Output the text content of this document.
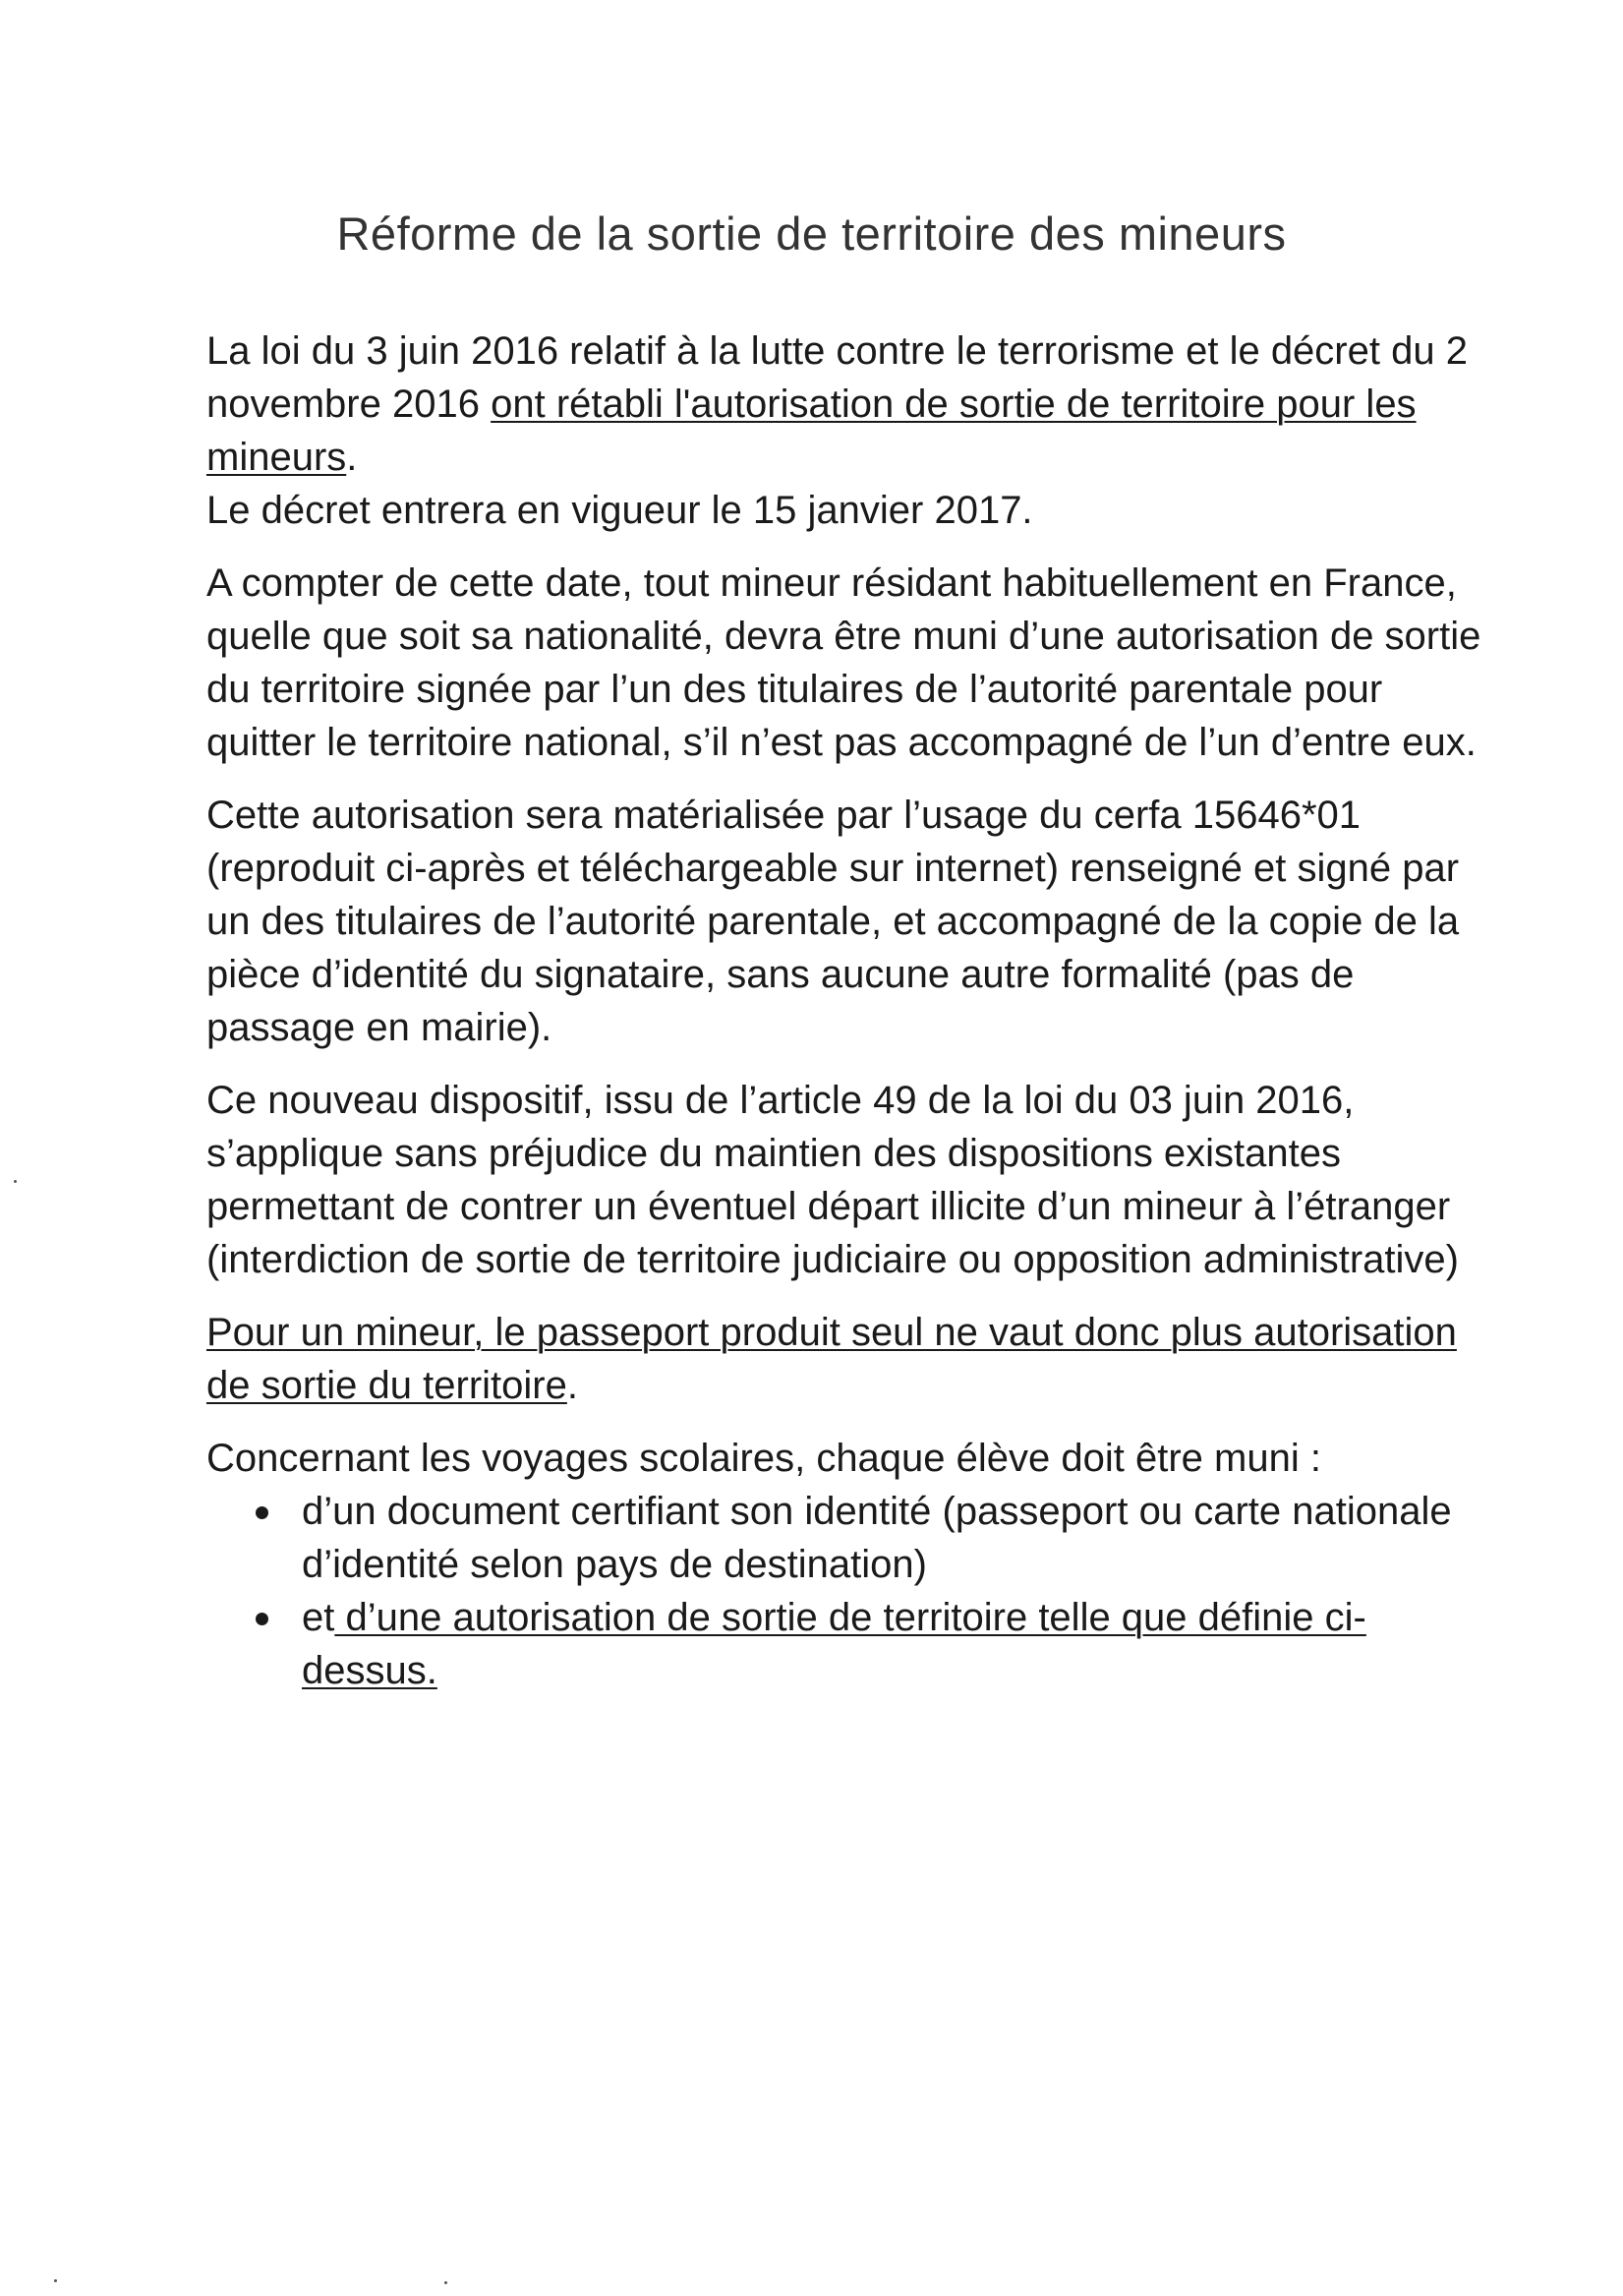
Réforme de la sortie de territoire des mineurs

La loi du 3 juin 2016 relatif à la lutte contre le terrorisme et le décret du 2 novembre 2016 ont rétabli l'autorisation de sortie de territoire pour les mineurs.

Le décret entrera en vigueur le 15 janvier 2017.

A compter de cette date, tout mineur résidant habituellement en France, quelle que soit sa nationalité, devra être muni d’une autorisation de sortie du territoire signée par l’un des titulaires de l’autorité parentale pour quitter le territoire national, s’il n’est pas accompagné de l’un d’entre eux.

Cette autorisation sera matérialisée par l’usage du cerfa 15646*01 (reproduit ci-après et téléchargeable sur internet) renseigné et signé par un des titulaires de l’autorité parentale, et accompagné de la copie de la pièce d’identité du signataire, sans aucune autre formalité (pas de passage en mairie).

Ce nouveau dispositif, issu de l’article 49 de la loi du 03 juin 2016, s’applique sans préjudice du maintien des dispositions existantes permettant de contrer un éventuel départ illicite d’un mineur à l’étranger (interdiction de sortie de territoire judiciaire ou opposition administrative)

Pour un mineur, le passeport produit seul ne vaut donc plus autorisation de sortie du territoire.

Concernant les voyages scolaires, chaque élève doit être muni :

d’un document certifiant son identité (passeport ou carte nationale d’identité selon pays de destination)
et d’une autorisation de sortie de territoire telle que définie ci-dessus.
